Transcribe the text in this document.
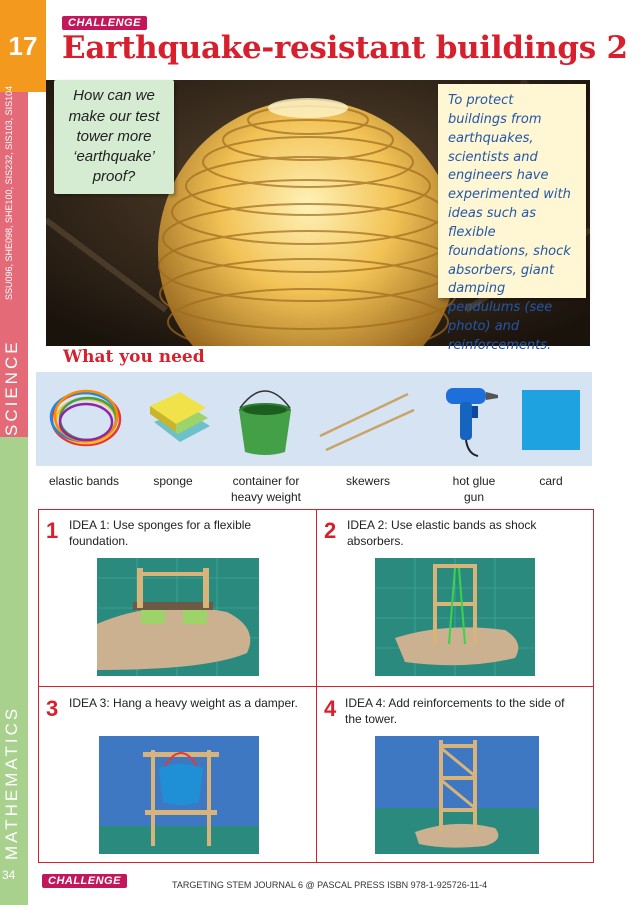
17
SSU096, SHE098, SHE100, SIS232, SIS103, SIS104
SCIENCE
MATHEMATICS
34
CHALLENGE
Earthquake-resistant buildings 2
How can we make our test tower more ‘earthquake’ proof?
To protect buildings from earthquakes, scientists and engineers have experimented with ideas such as flexible foundations, shock absorbers, giant damping pendulums (see photo) and reinforcements.
What you need
elastic bands	sponge	container for heavy weight
skewers	hot glue gun
card
1 IDEA 1: Use sponges for a flexible foundation.	2 IDEA 2: Use elastic bands as shock absorbers.
3 IDEA 3: Hang a heavy weight as a damper.	4 IDEA 4: Add reinforcements to the side of the tower.
CHALLENGE	TARGETING STEM JOURNAL 6 @ PASCAL PRESS ISBN 978-1-925726-11-4
